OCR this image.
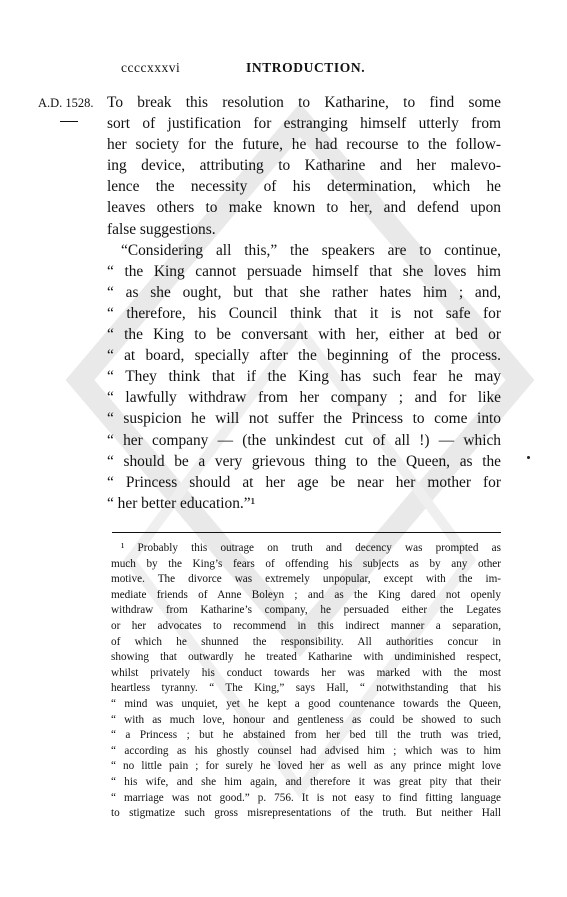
ccccxxxvi	INTRODUCTION.
A.D. 1528. To break this resolution to Katharine, to find some
sort of justification for estranging himself utterly from
her society for the future, he had recourse to the follow-
ing device, attributing to Katharine and her malevo-
lence the necessity of his determination, which he
leaves others to make known to her, and defend upon
false suggestions.
“Considering all this,” the speakers are to continue,
“ the King cannot persuade himself that she loves him
“ as she ought, but that she rather hates him ; and,
“ therefore, his Council think that it is not safe for
“ the King to be conversant with her, either at bed or
“ at board, specially after the beginning of the process.
“ They think that if the King has such fear he may
“ lawfully withdraw from her company ; and for like
“ suspicion he will not suffer the Princess to come into
“ her company — (the unkindest cut of all !) — which
“ should be a very grievous thing to the Queen, as the
“ Princess should at her age be near her mother for
“ her better education.”¹
¹ Probably this outrage on truth and decency was prompted as
much by the King’s fears of offending his subjects as by any other
motive. The divorce was extremely unpopular, except with the im-
mediate friends of Anne Boleyn ; and as the King dared not openly
withdraw from Katharine’s company, he persuaded either the Legates
or her advocates to recommend in this indirect manner a separation,
of which he shunned the responsibility. All authorities concur in
showing that outwardly he treated Katharine with undiminished respect,
whilst privately his conduct towards her was marked with the most
heartless tyranny. “ The King,” says Hall, “ notwithstanding that his
“ mind was unquiet, yet he kept a good countenance towards the Queen,
“ with as much love, honour and gentleness as could be showed to such
“ a Princess ; but he abstained from her bed till the truth was tried,
“ according as his ghostly counsel had advised him ; which was to him
“ no little pain ; for surely he loved her as well as any prince might love
“ his wife, and she him again, and therefore it was great pity that their
“ marriage was not good.” p. 756. It is not easy to find fitting language
to stigmatize such gross misrepresentations of the truth. But neither Hall
